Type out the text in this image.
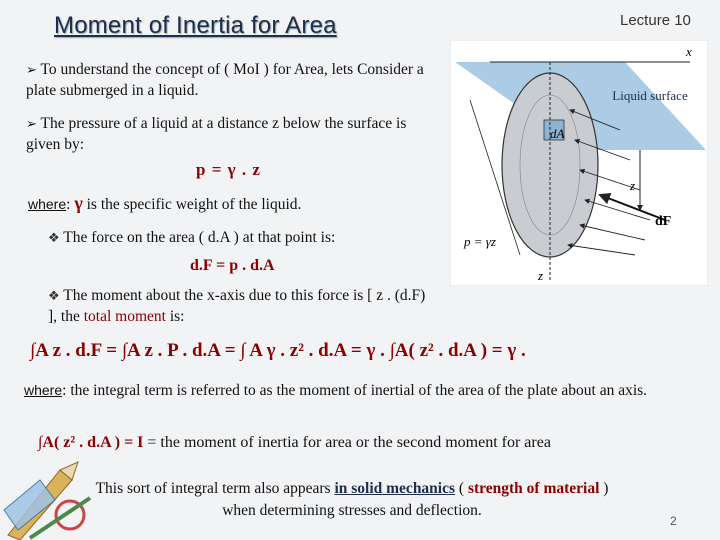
Moment of Inertia for Area	Lecture 10
➢ To understand the concept of ( MoI ) for Area, lets Consider a plate submerged in a liquid.
➢ The pressure of a liquid at a distance z below the surface is given by:
p = γ . z
where: γ is the specific weight of the liquid.
❖ The force on the area ( d.A ) at that point is:
d.F = p . d.A
❖ The moment about the x-axis due to this force is [ z . (d.F) ], the total moment is:
∫A z . d.F = ∫A z . P . d.A = ∫ A γ . z² . d.A = γ . ∫A( z² . d.A ) = γ .
where: the integral term is referred to as the moment of inertial of the area of the plate about an axis.
∫A( z² . d.A ) = I = the moment of inertia for area or the second moment for area
This sort of integral term also appears in solid mechanics ( strength of material ) when determining stresses and deflection.
2
x
Liquid surface
dA
z
z
dF
p = γz
